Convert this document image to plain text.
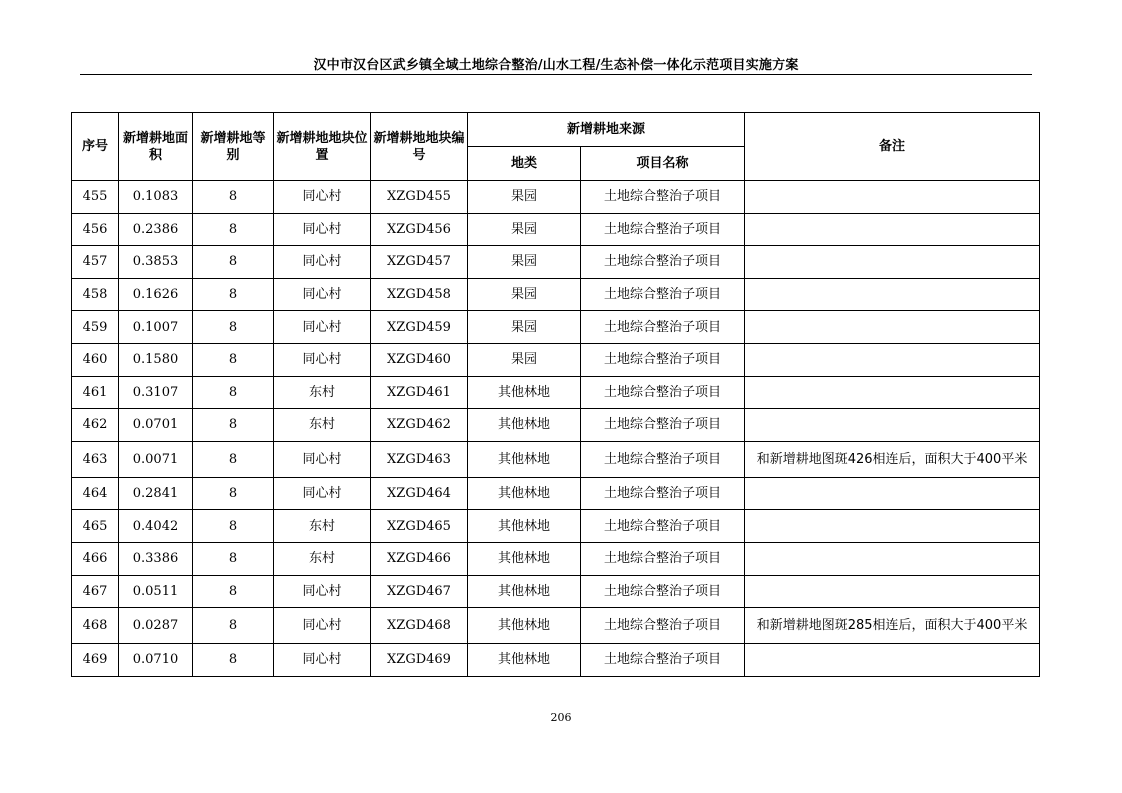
汉中市汉台区武乡镇全域土地综合整治/山水工程/生态补偿一体化示范项目实施方案
序号	新增耕地面积	新增耕地等别	新增耕地地块位置	新增耕地地块编号	新增耕地来源		备注
					地类	项目名称	
455	0.1083	8	同心村	XZGD455	果园	土地综合整治子项目	
456	0.2386	8	同心村	XZGD456	果园	土地综合整治子项目	
457	0.3853	8	同心村	XZGD457	果园	土地综合整治子项目	
458	0.1626	8	同心村	XZGD458	果园	土地综合整治子项目	
459	0.1007	8	同心村	XZGD459	果园	土地综合整治子项目	
460	0.1580	8	同心村	XZGD460	果园	土地综合整治子项目	
461	0.3107	8	东村	XZGD461	其他林地	土地综合整治子项目	
462	0.0701	8	东村	XZGD462	其他林地	土地综合整治子项目	
463	0.0071	8	同心村	XZGD463	其他林地	土地综合整治子项目	和新增耕地图斑426相连后，面积大于400平米
464	0.2841	8	同心村	XZGD464	其他林地	土地综合整治子项目	
465	0.4042	8	东村	XZGD465	其他林地	土地综合整治子项目	
466	0.3386	8	东村	XZGD466	其他林地	土地综合整治子项目	
467	0.0511	8	同心村	XZGD467	其他林地	土地综合整治子项目	
468	0.0287	8	同心村	XZGD468	其他林地	土地综合整治子项目	和新增耕地图斑285相连后，面积大于400平米
469	0.0710	8	同心村	XZGD469	其他林地	土地综合整治子项目	
206
